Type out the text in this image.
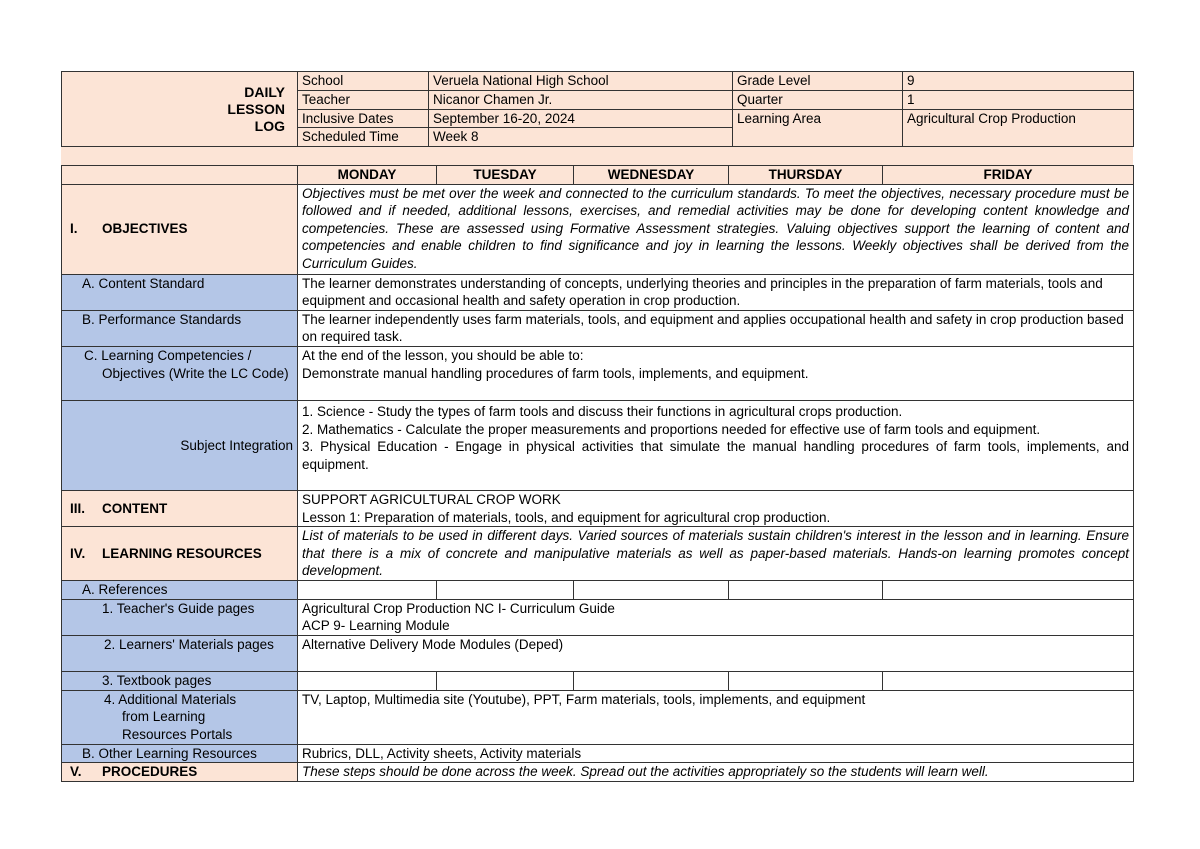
DAILY
LESSON
LOG	School	Veruela National High School	Grade Level	9
	Teacher	Nicanor Chamen Jr.	Quarter	1
	Inclusive Dates	September 16-20, 2024	Learning Area	Agricultural Crop Production
	Scheduled Time	Week 8		
	MONDAY	TUESDAY	WEDNESDAY	THURSDAY	FRIDAY
I. OBJECTIVES	Objectives must be met over the week and connected to the curriculum standards. To meet the objectives, necessary procedure must be followed and if needed, additional lessons, exercises, and remedial activities may be done for developing content knowledge and competencies. These are assessed using Formative Assessment strategies. Valuing objectives support the learning of content and competencies and enable children to find significance and joy in learning the lessons. Weekly objectives shall be derived from the Curriculum Guides.				
A. Content Standard	The learner demonstrates understanding of concepts, underlying theories and principles in the preparation of farm materials, tools and equipment and occasional health and safety operation in crop production.				
B. Performance Standards	The learner independently uses farm materials, tools, and equipment and applies occupational health and safety in crop production based on required task.				
C. Learning Competencies / Objectives (Write the LC Code)	At the end of the lesson, you should be able to:
Demonstrate manual handling procedures of farm tools, implements, and equipment.				
Subject Integration	1. Science - Study the types of farm tools and discuss their functions in agricultural crops production.
2. Mathematics - Calculate the proper measurements and proportions needed for effective use of farm tools and equipment.
3. Physical Education - Engage in physical activities that simulate the manual handling procedures of farm tools, implements, and equipment.				

III. CONTENT	SUPPORT AGRICULTURAL CROP WORK
Lesson 1: Preparation of materials, tools, and equipment for agricultural crop production.				
IV. LEARNING RESOURCES	List of materials to be used in different days. Varied sources of materials sustain children's interest in the lesson and in learning. Ensure that there is a mix of concrete and manipulative materials as well as paper-based materials. Hands-on learning promotes concept development.				
A. References					
1. Teacher's Guide pages	Agricultural Crop Production NC I- Curriculum Guide
ACP 9- Learning Module				
2. Learners' Materials pages	Alternative Delivery Mode Modules (Deped)				
3. Textbook pages					
4. Additional Materials from Learning Resources Portals	TV, Laptop, Multimedia site (Youtube), PPT, Farm materials, tools, implements, and equipment				
B. Other Learning Resources	Rubrics, DLL, Activity sheets, Activity materials				
V. PROCEDURES	These steps should be done across the week. Spread out the activities appropriately so the students will learn well.				
